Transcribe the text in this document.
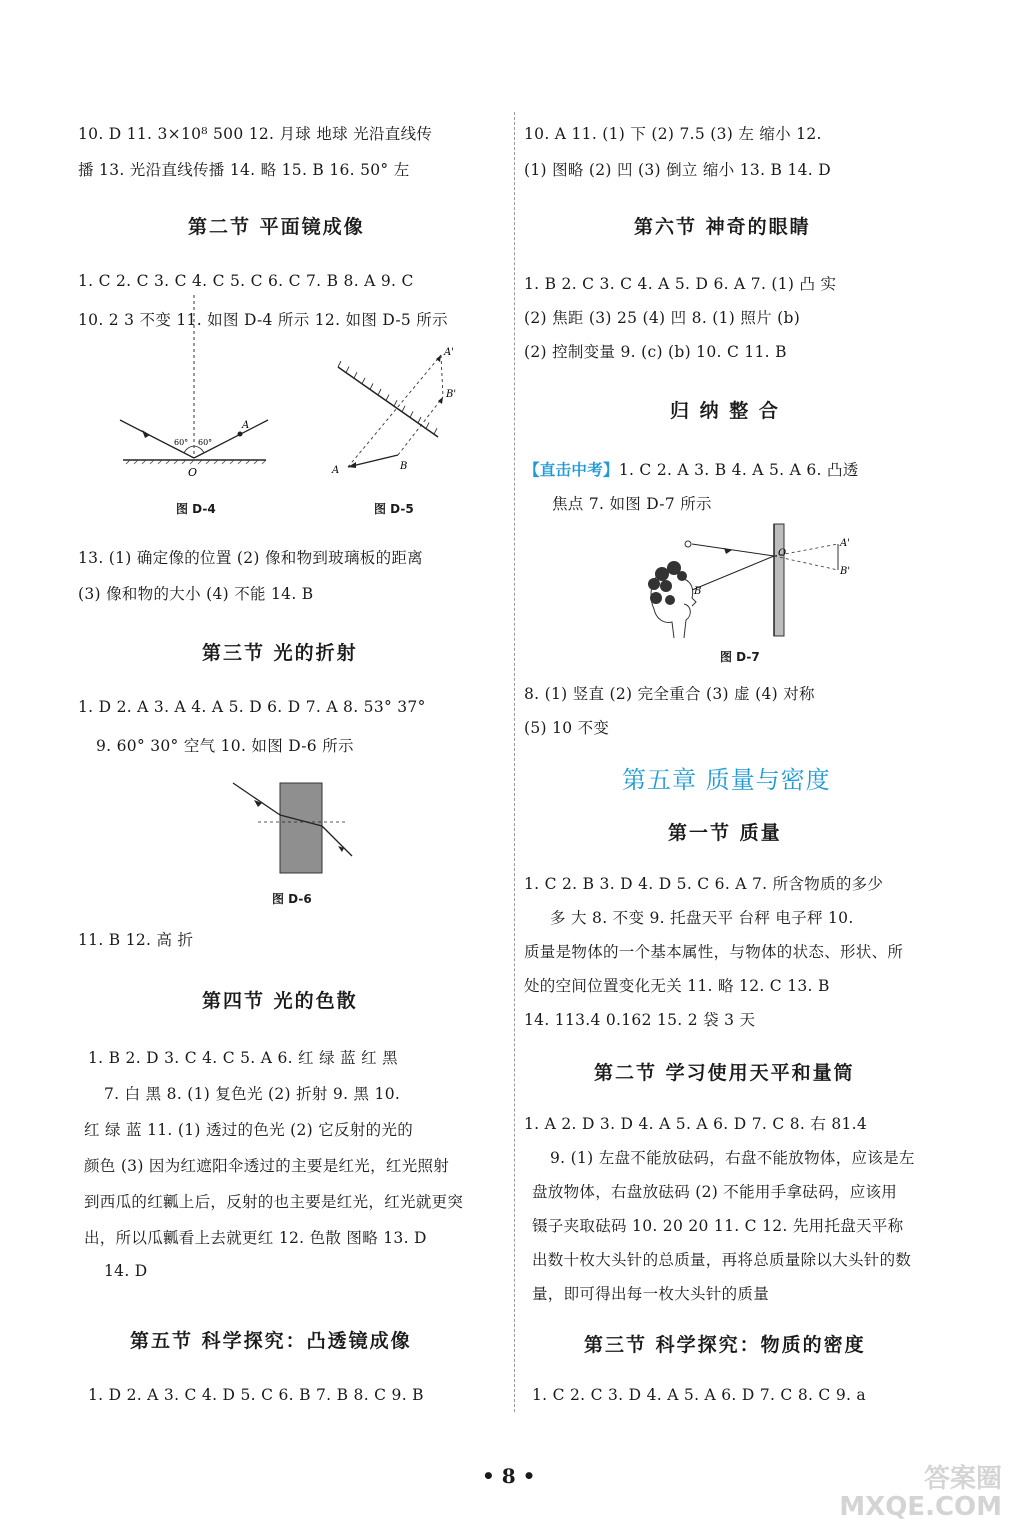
10. D 11. 3×10⁸ 500 12. 月球 地球 光沿直线传
播 13. 光沿直线传播 14. 略 15. B 16. 50° 左
第二节 平面镜成像
1. C 2. C 3. C 4. C 5. C 6. C 7. B 8. A 9. C
10. 2 3 不变 11. 如图 D-4 所示 12. 如图 D-5 所示
60° 60°
A
O
图 D-4
A	B
A'
B'
图 D-5
13. (1) 确定像的位置 (2) 像和物到玻璃板的距离
(3) 像和物的大小 (4) 不能 14. B
第三节 光的折射
1. D 2. A 3. A 4. A 5. D 6. D 7. A 8. 53° 37°
9. 60° 30° 空气 10. 如图 D-6 所示
图 D-6
11. B 12. 高 折
第四节 光的色散
1. B 2. D 3. C 4. C 5. A 6. 红 绿 蓝 红 黑
7. 白 黑 8. (1) 复色光 (2) 折射 9. 黑 10.
红 绿 蓝 11. (1) 透过的色光 (2) 它反射的光的
颜色 (3) 因为红遮阳伞透过的主要是红光，红光照射
到西瓜的红瓤上后，反射的也主要是红光，红光就更突
出，所以瓜瓤看上去就更红 12. 色散 图略 13. D
14. D
第五节 科学探究：凸透镜成像
1. D 2. A 3. C 4. D 5. C 6. B 7. B 8. C 9. B
10. A 11. (1) 下 (2) 7.5 (3) 左 缩小 12.
(1) 图略 (2) 凹 (3) 倒立 缩小 13. B 14. D
第六节 神奇的眼睛
1. B 2. C 3. C 4. A 5. D 6. A 7. (1) 凸 实
(2) 焦距 (3) 25 (4) 凹 8. (1) 照片 (b)
(2) 控制变量 9. (c) (b) 10. C 11. B
归 纳 整 合
【直击中考】1. C 2. A 3. B 4. A 5. A 6. 凸透
焦点 7. 如图 D-7 所示
O
A'
B'
B
图 D-7
8. (1) 竖直 (2) 完全重合 (3) 虚 (4) 对称
(5) 10 不变
第五章 质量与密度
第一节 质量
1. C 2. B 3. D 4. D 5. C 6. A 7. 所含物质的多少
多 大 8. 不变 9. 托盘天平 台秤 电子秤 10.
质量是物体的一个基本属性，与物体的状态、形状、所
处的空间位置变化无关 11. 略 12. C 13. B
14. 113.4 0.162 15. 2 袋 3 天
第二节 学习使用天平和量筒
1. A 2. D 3. D 4. A 5. A 6. D 7. C 8. 右 81.4
9. (1) 左盘不能放砝码，右盘不能放物体，应该是左
盘放物体，右盘放砝码 (2) 不能用手拿砝码，应该用
镊子夹取砝码 10. 20 20 11. C 12. 先用托盘天平称
出数十枚大头针的总质量，再将总质量除以大头针的数
量，即可得出每一枚大头针的质量
第三节 科学探究：物质的密度
1. C 2. C 3. D 4. A 5. A 6. D 7. C 8. C 9. a
• 8 •	答案圈
MXQE.COM
